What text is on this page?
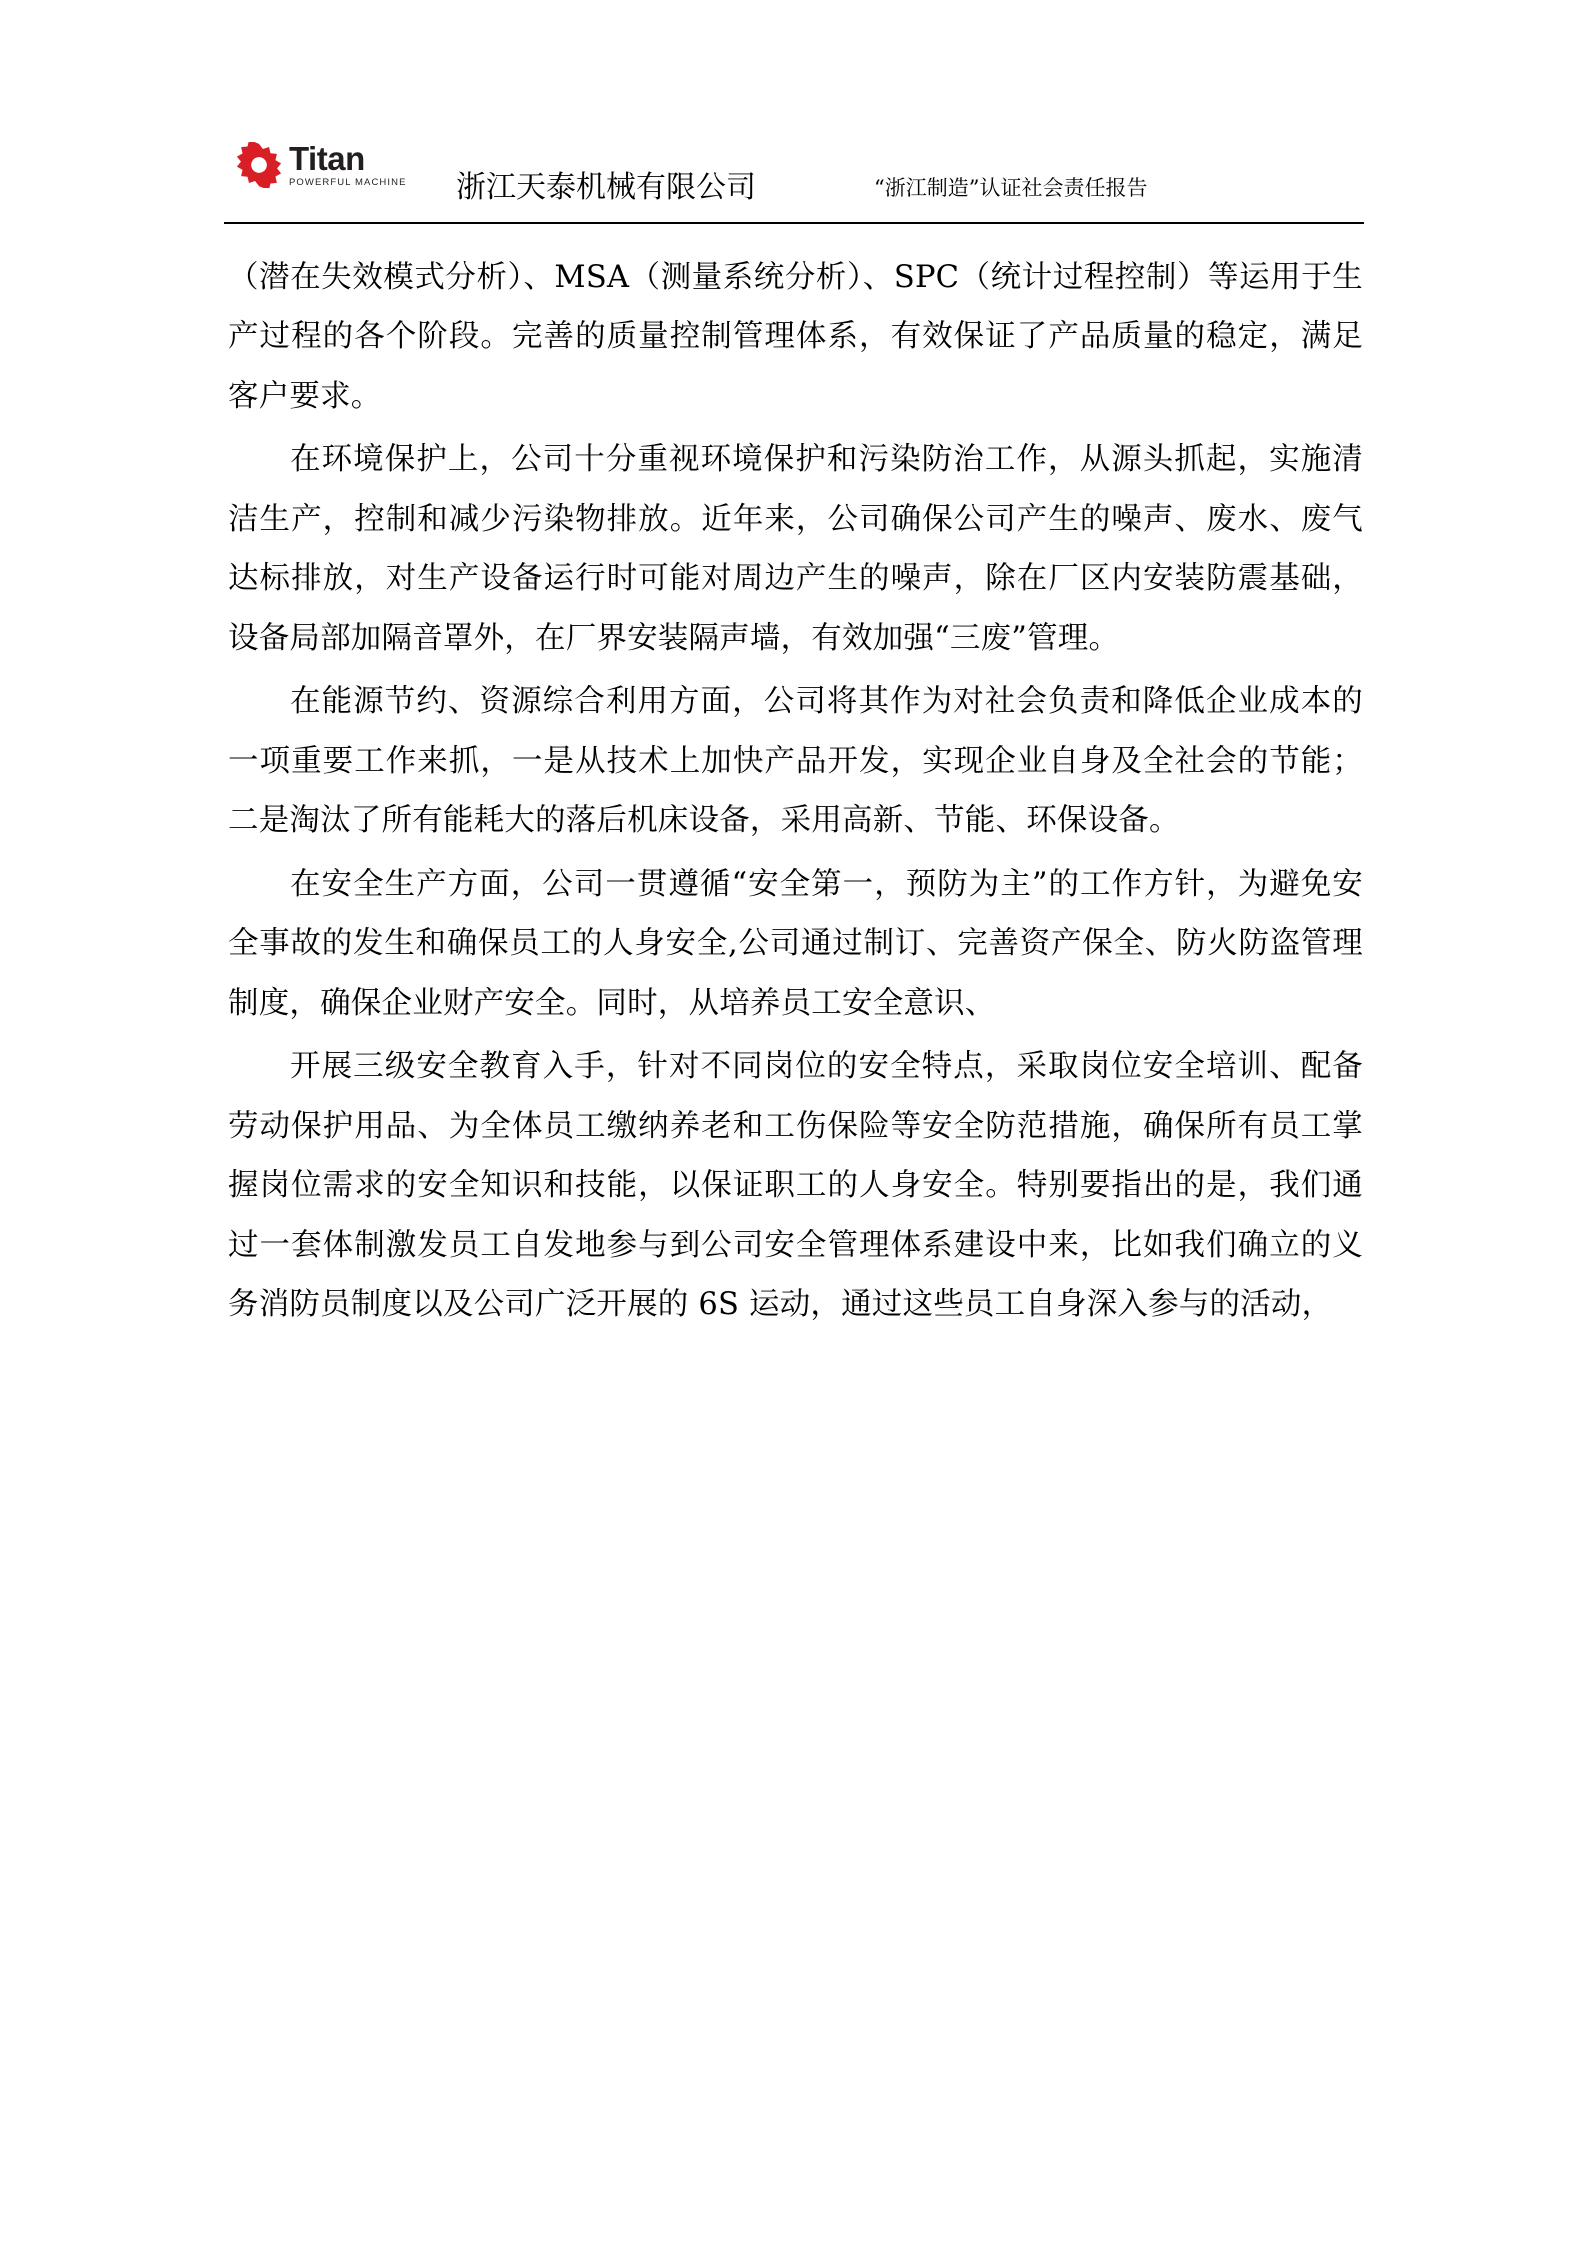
Titan
POWERFUL MACHINE 浙江天泰机械有限公司	“浙江制造”认证社会责任报告

（潜在失效模式分析）、MSA（测量系统分析）、SPC（统计过程控制）等运用于生产过程的各个阶段。完善的质量控制管理体系，有效保证了产品质量的稳定，满足客户要求。

在环境保护上，公司十分重视环境保护和污染防治工作，从源头抓起，实施清洁生产，控制和减少污染物排放。近年来，公司确保公司产生的噪声、废水、废气达标排放，对生产设备运行时可能对周边产生的噪声，除在厂区内安装防震基础，设备局部加隔音罩外，在厂界安装隔声墙，有效加强“三废”管理。

在能源节约、资源综合利用方面，公司将其作为对社会负责和降低企业成本的一项重要工作来抓，一是从技术上加快产品开发，实现企业自身及全社会的节能；二是淘汰了所有能耗大的落后机床设备，采用高新、节能、环保设备。

在安全生产方面，公司一贯遵循“安全第一，预防为主”的工作方针，为避免安全事故的发生和确保员工的人身安全,公司通过制订、完善资产保全、防火防盗管理制度，确保企业财产安全。同时，从培养员工安全意识、

开展三级安全教育入手，针对不同岗位的安全特点，采取岗位安全培训、配备劳动保护用品、为全体员工缴纳养老和工伤保险等安全防范措施，确保所有员工掌握岗位需求的安全知识和技能，以保证职工的人身安全。特别要指出的是，我们通过一套体制激发员工自发地参与到公司安全管理体系建设中来，比如我们确立的义务消防员制度以及公司广泛开展的 6S 运动，通过这些员工自身深入参与的活动，
